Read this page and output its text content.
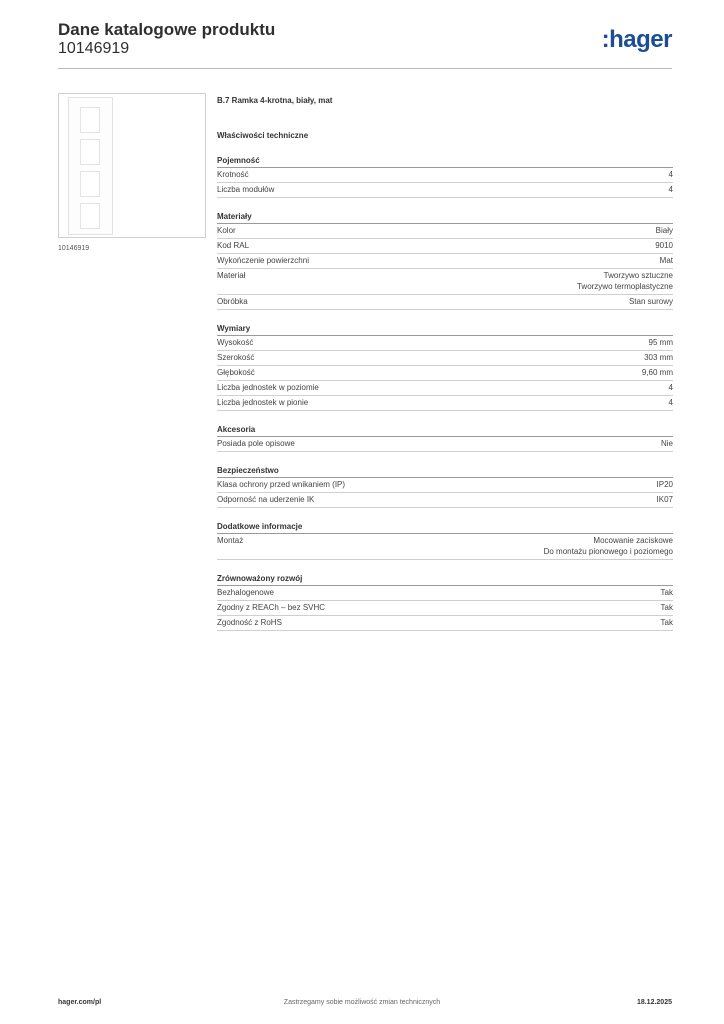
Dane katalogowe produktu
10146919	:hager
10146919
B.7 Ramka 4-krotna, biały, mat
Właściwości techniczne
Pojemność
Krotność	4
Liczba modułów	4
Materiały
Kolor	Biały
Kod RAL	9010
Wykończenie powierzchni	Mat
Materiał	Tworzywo sztuczne
Tworzywo termoplastyczne
Obróbka	Stan surowy
Wymiary
Wysokość	95 mm
Szerokość	303 mm
Głębokość	9,60 mm
Liczba jednostek w poziomie	4
Liczba jednostek w pionie	4
Akcesoria
Posiada pole opisowe	Nie
Bezpieczeństwo
Klasa ochrony przed wnikaniem (IP)	IP20
Odporność na uderzenie IK	IK07
Dodatkowe informacje
Montaż	Mocowanie zaciskowe
Do montażu pionowego i poziomego
Zrównoważony rozwój
Bezhalogenowe	Tak
Zgodny z REACh – bez SVHC	Tak
Zgodność z RoHS	Tak
hager.com/pl	Zastrzegamy sobie możliwość zmian technicznych	18.12.2025
